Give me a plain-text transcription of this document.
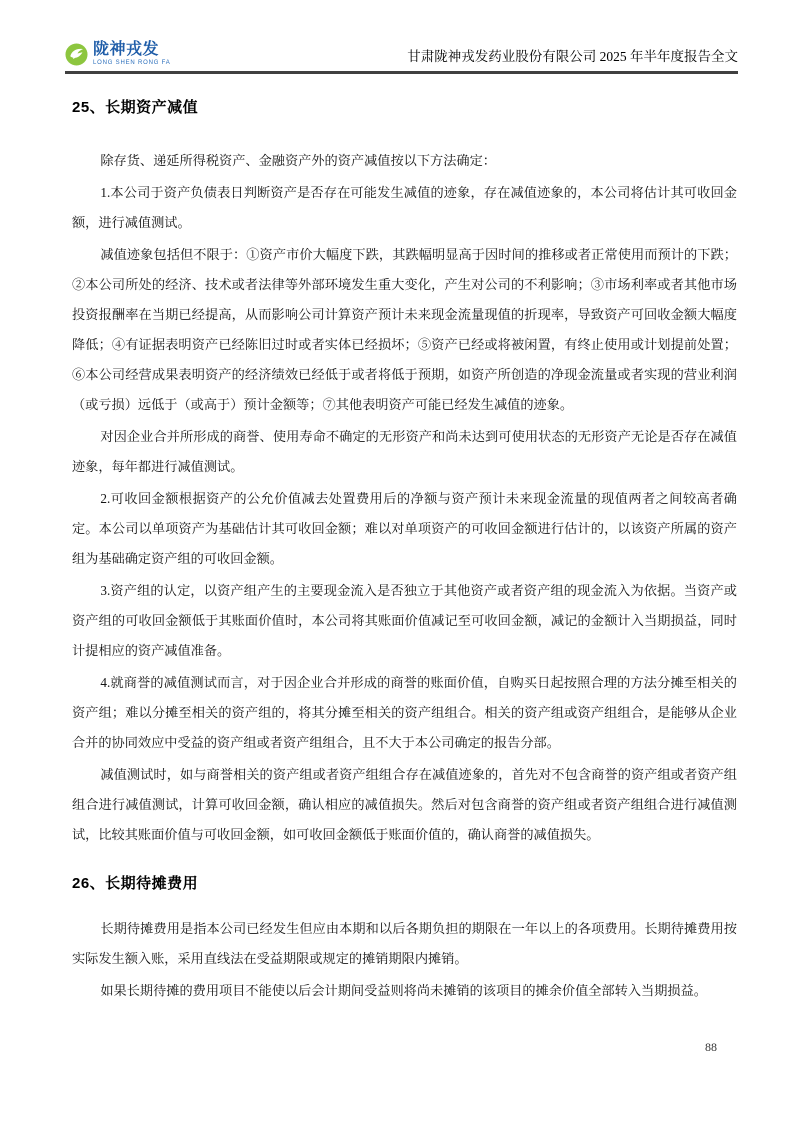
陇神戎发
LONG SHEN RONG FA	甘肃陇神戎发药业股份有限公司 2025 年半年度报告全文
25、长期资产减值

除存货、递延所得税资产、金融资产外的资产减值按以下方法确定：

1.本公司于资产负债表日判断资产是否存在可能发生减值的迹象，存在减值迹象的，本公司将估计其可收回金额，进行减值测试。

减值迹象包括但不限于：①资产市价大幅度下跌，其跌幅明显高于因时间的推移或者正常使用而预计的下跌；②本公司所处的经济、技术或者法律等外部环境发生重大变化，产生对公司的不利影响；③市场利率或者其他市场投资报酬率在当期已经提高，从而影响公司计算资产预计未来现金流量现值的折现率，导致资产可回收金额大幅度降低；④有证据表明资产已经陈旧过时或者实体已经损坏；⑤资产已经或将被闲置，有终止使用或计划提前处置；⑥本公司经营成果表明资产的经济绩效已经低于或者将低于预期，如资产所创造的净现金流量或者实现的营业利润（或亏损）远低于（或高于）预计金额等；⑦其他表明资产可能已经发生减值的迹象。

对因企业合并所形成的商誉、使用寿命不确定的无形资产和尚未达到可使用状态的无形资产无论是否存在减值迹象，每年都进行减值测试。

2.可收回金额根据资产的公允价值减去处置费用后的净额与资产预计未来现金流量的现值两者之间较高者确定。本公司以单项资产为基础估计其可收回金额；难以对单项资产的可收回金额进行估计的，以该资产所属的资产组为基础确定资产组的可收回金额。

3.资产组的认定，以资产组产生的主要现金流入是否独立于其他资产或者资产组的现金流入为依据。当资产或资产组的可收回金额低于其账面价值时，本公司将其账面价值减记至可收回金额，减记的金额计入当期损益，同时计提相应的资产减值准备。

4.就商誉的减值测试而言，对于因企业合并形成的商誉的账面价值，自购买日起按照合理的方法分摊至相关的资产组；难以分摊至相关的资产组的，将其分摊至相关的资产组组合。相关的资产组或资产组组合，是能够从企业合并的协同效应中受益的资产组或者资产组组合，且不大于本公司确定的报告分部。

减值测试时，如与商誉相关的资产组或者资产组组合存在减值迹象的，首先对不包含商誉的资产组或者资产组组合进行减值测试，计算可收回金额，确认相应的减值损失。然后对包含商誉的资产组或者资产组组合进行减值测试，比较其账面价值与可收回金额，如可收回金额低于账面价值的，确认商誉的减值损失。

26、长期待摊费用

长期待摊费用是指本公司已经发生但应由本期和以后各期负担的期限在一年以上的各项费用。长期待摊费用按实际发生额入账，采用直线法在受益期限或规定的摊销期限内摊销。

如果长期待摊的费用项目不能使以后会计期间受益则将尚未摊销的该项目的摊余价值全部转入当期损益。

88
